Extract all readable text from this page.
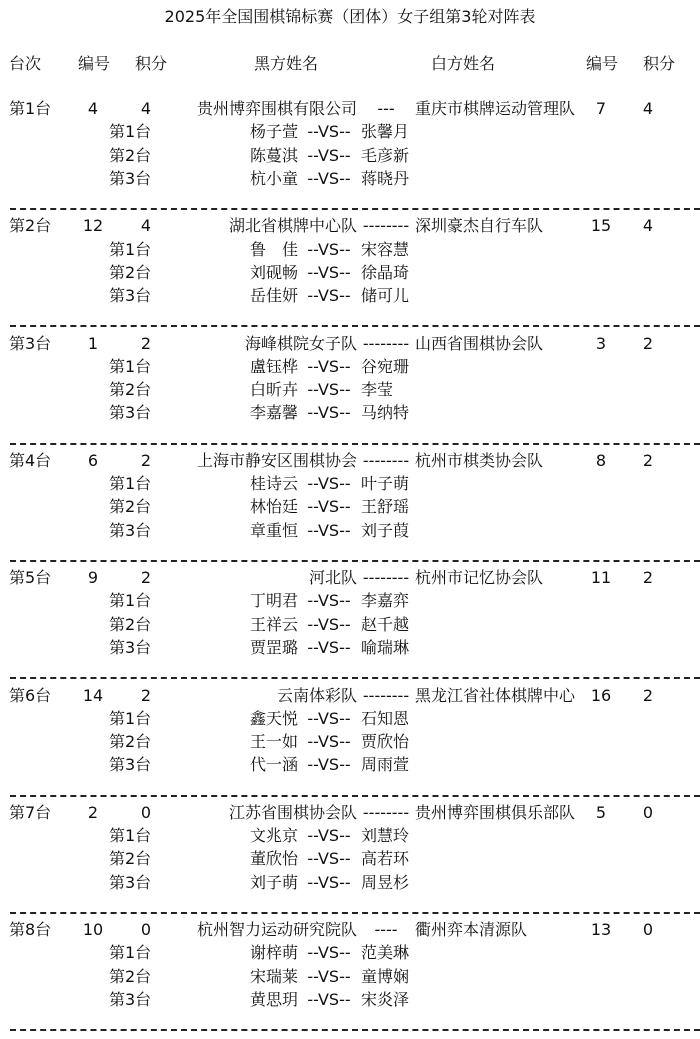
2025年全国围棋锦标赛（团体）女子组第3轮对阵表
台次 编号 积分	黑方姓名	白方姓名	编号 积分
第1台 4	4	贵州博弈围棋有限公司 --- 重庆市棋牌运动管理队 7 4
第1台	杨子萱 --VS-- 张馨月
第2台	陈蔓淇 --VS-- 毛彦新
第3台	杭小童 --VS-- 蒋晓丹
第2台 12 4	湖北省棋牌中心队 -------- 深圳豪杰自行车队	15 4
第1台	鲁　佳 --VS-- 宋容慧
第2台	刘砚畅 --VS-- 徐晶琦
第3台	岳佳妍 --VS-- 储可儿
第3台 1	2	海峰棋院女子队 -------- 山西省围棋协会队	3 2
第1台	盧钰桦 --VS-- 谷宛珊
第2台	白昕卉 --VS-- 李莹
第3台	李嘉馨 --VS-- 马纳特
第4台 6	2	上海市静安区围棋协会 -------- 杭州市棋类协会队	8 2
第1台	桂诗云 --VS-- 叶子萌
第2台	林怡廷 --VS-- 王舒瑶
第3台	章重恒 --VS-- 刘子葭
第5台 9	2	河北队 -------- 杭州市记忆协会队	11 2
第1台	丁明君 --VS-- 李嘉弈
第2台	王祥云 --VS-- 赵千越
第3台	贾罡璐 --VS-- 喻瑞琳
第6台 14 2	云南体彩队 -------- 黑龙江省社体棋牌中心 16 2
第1台	鑫天悦 --VS-- 石知恩
第2台	王一如 --VS-- 贾欣怡
第3台	代一涵 --VS-- 周雨萱
第7台 2	0	江苏省围棋协会队 -------- 贵州博弈围棋俱乐部队 5 0
第1台	文兆京 --VS-- 刘慧玲
第2台	董欣怡 --VS-- 高若环
第3台	刘子萌 --VS-- 周昱杉
第8台 10 0	杭州智力运动研究院队 ---- 衢州弈本清源队	13 0
第1台	谢梓萌 --VS-- 范美琳
第2台	宋瑞莱 --VS-- 童博娴
第3台	黄思玥 --VS-- 宋炎泽
